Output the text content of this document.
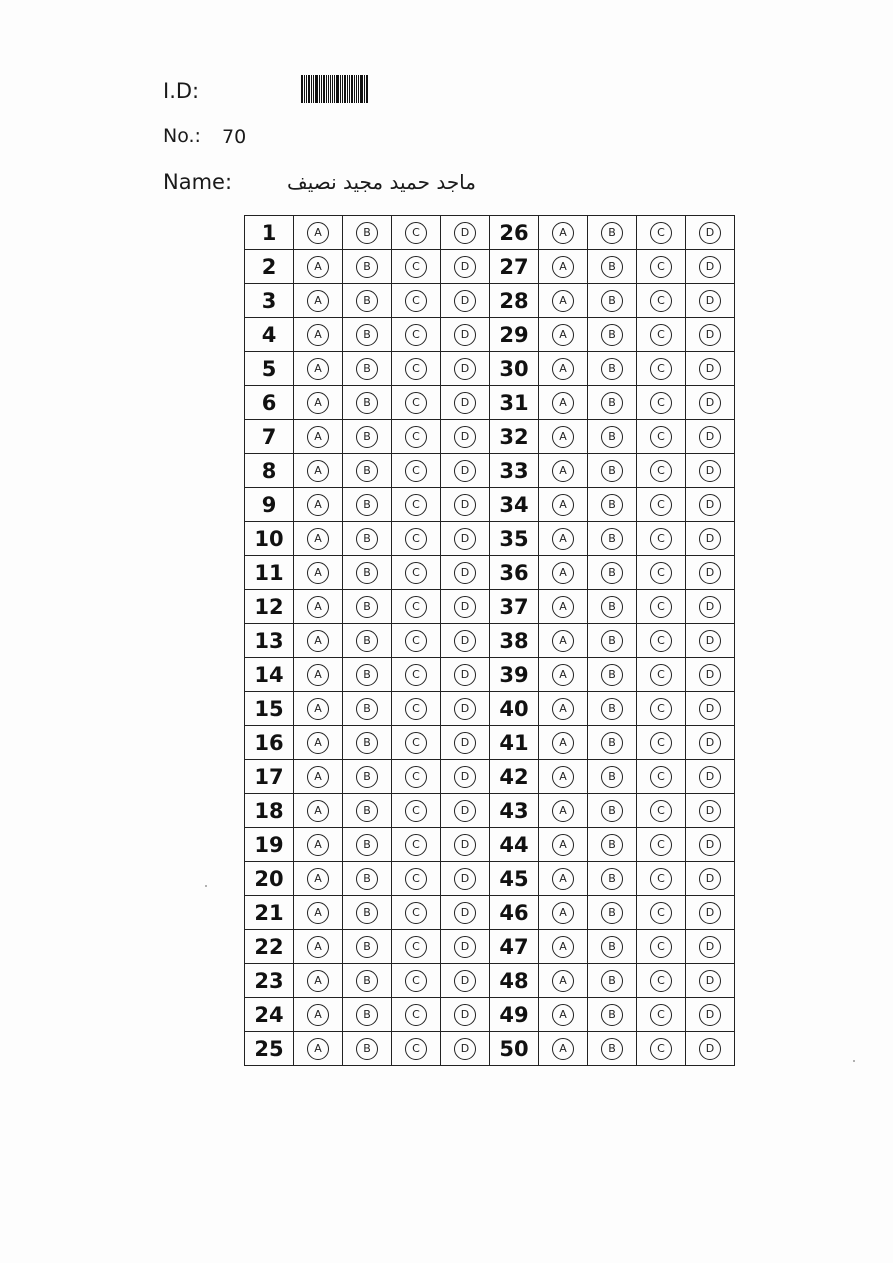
I.D:
No.: 70
Name:	ماجد حميد مجيد نصيف
1	A	B	C	D	26	A	B	C	D
2	A	B	C	D	27	A	B	C	D
3	A	B	C	D	28	A	B	C	D
4	A	B	C	D	29	A	B	C	D
5	A	B	C	D	30	A	B	C	D
6	A	B	C	D	31	A	B	C	D
7	A	B	C	D	32	A	B	C	D
8	A	B	C	D	33	A	B	C	D
9	A	B	C	D	34	A	B	C	D
10	A	B	C	D	35	A	B	C	D
11	A	B	C	D	36	A	B	C	D
12	A	B	C	D	37	A	B	C	D
13	A	B	C	D	38	A	B	C	D
14	A	B	C	D	39	A	B	C	D
15	A	B	C	D	40	A	B	C	D
16	A	B	C	D	41	A	B	C	D
17	A	B	C	D	42	A	B	C	D
18	A	B	C	D	43	A	B	C	D
19	A	B	C	D	44	A	B	C	D
20	A	B	C	D	45	A	B	C	D
21	A	B	C	D	46	A	B	C	D
22	A	B	C	D	47	A	B	C	D
23	A	B	C	D	48	A	B	C	D
24	A	B	C	D	49	A	B	C	D
25	A	B	C	D	50	A	B	C	D
